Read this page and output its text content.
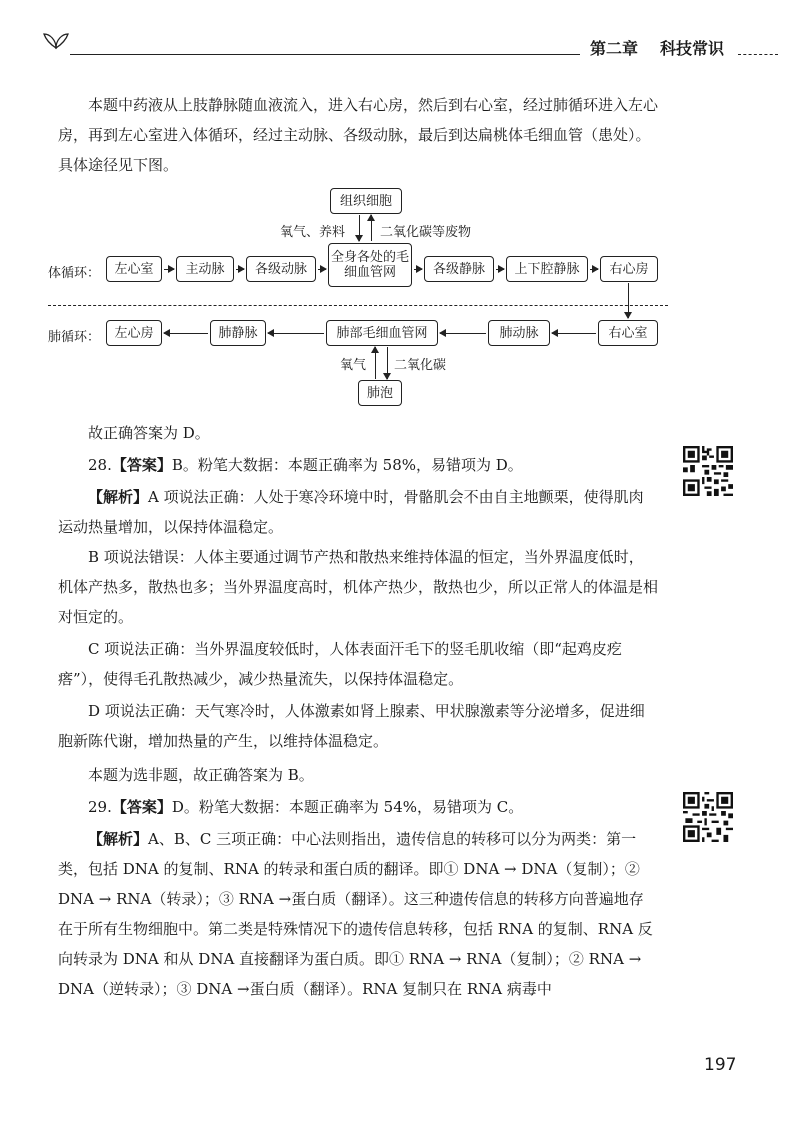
第二章 科技常识

本题中药液从上肢静脉随血液流入，进入右心房，然后到右心室，经过肺循环进入左心房，再到左心室进入体循环，经过主动脉、各级动脉，最后到达扁桃体毛细血管（患处）。具体途径见下图。

组织细胞
氧气、养料	二氧化碳等废物
体循环：	左心室	主动脉	各级动脉
全身各处的毛细血管网	各级静脉	上下腔静脉	右心房
肺循环：	左心房	肺静脉	肺部毛细血管网	肺动脉	右心室
氧气 二氧化碳
肺泡

故正确答案为 D。

28.【答案】B。粉笔大数据：本题正确率为 58%，易错项为 D。

【解析】A 项说法正确：人处于寒冷环境中时，骨骼肌会不由自主地颤栗，使得肌肉运动热量增加，以保持体温稳定。

B 项说法错误：人体主要通过调节产热和散热来维持体温的恒定，当外界温度低时，机体产热多，散热也多；当外界温度高时，机体产热少，散热也少，所以正常人的体温是相对恒定的。

C 项说法正确：当外界温度较低时，人体表面汗毛下的竖毛肌收缩（即“起鸡皮疙瘩”），使得毛孔散热减少，减少热量流失，以保持体温稳定。

D 项说法正确：天气寒冷时，人体激素如肾上腺素、甲状腺激素等分泌增多，促进细胞新陈代谢，增加热量的产生，以维持体温稳定。

本题为选非题，故正确答案为 B。

29.【答案】D。粉笔大数据：本题正确率为 54%，易错项为 C。

【解析】A、B、C 三项正确：中心法则指出，遗传信息的转移可以分为两类：第一类，包括 DNA 的复制、RNA 的转录和蛋白质的翻译。即① DNA → DNA（复制）；② DNA → RNA（转录）；③ RNA →蛋白质（翻译）。这三种遗传信息的转移方向普遍地存在于所有生物细胞中。第二类是特殊情况下的遗传信息转移，包括 RNA 的复制、RNA 反向转录为 DNA 和从 DNA 直接翻译为蛋白质。即① RNA → RNA（复制）；② RNA → DNA（逆转录）；③ DNA →蛋白质（翻译）。RNA 复制只在 RNA 病毒中

197
